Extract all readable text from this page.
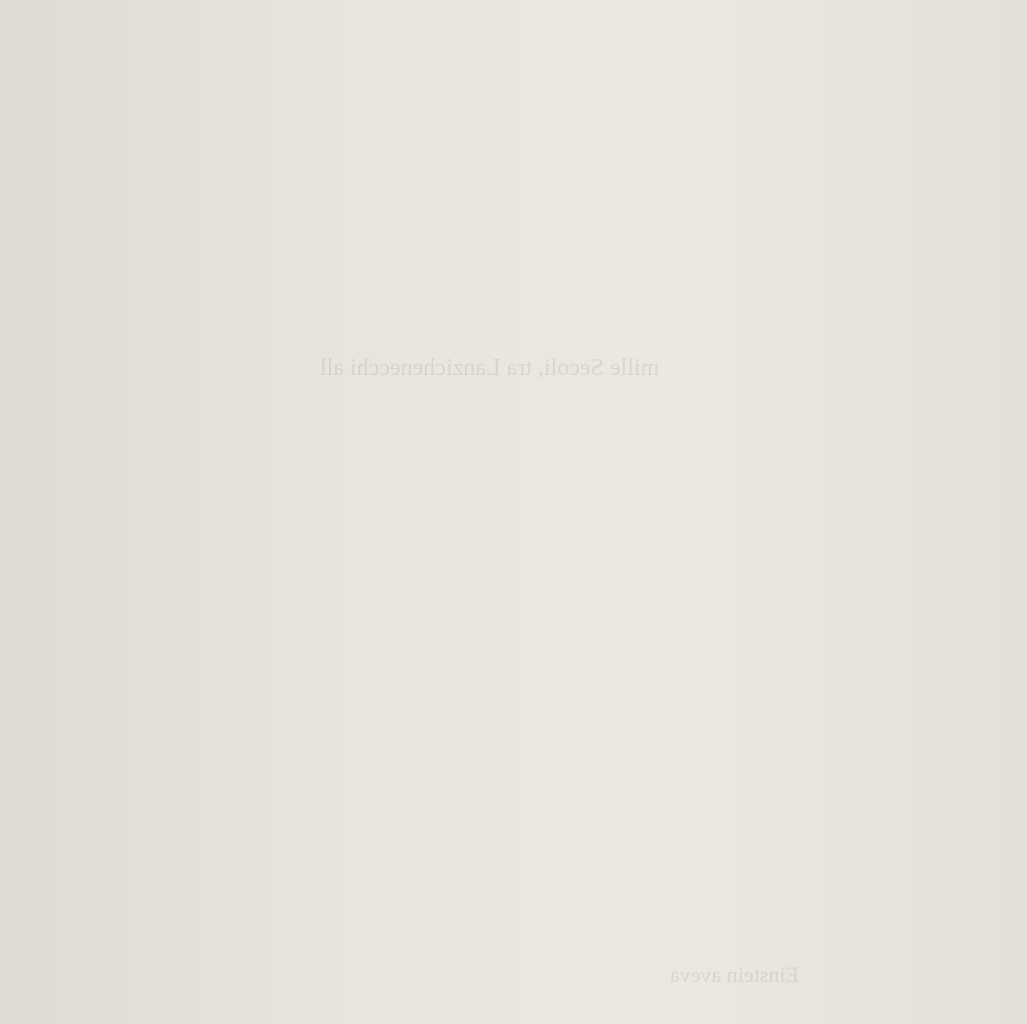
mille Secoli, tra Lanzichenecchi all
Einstein aveva
